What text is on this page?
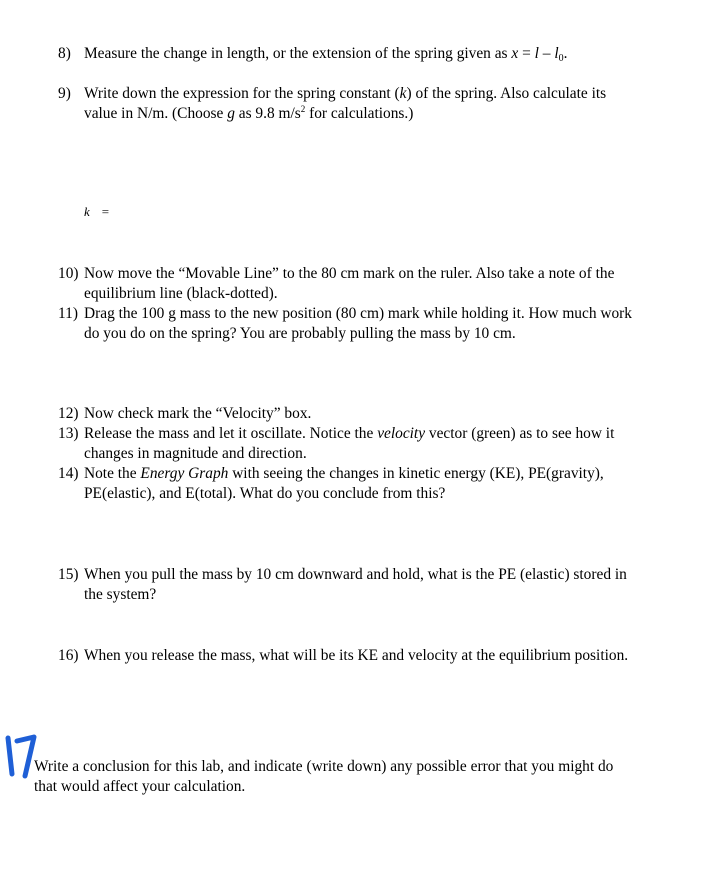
8) Measure the change in length, or the extension of the spring given as $x = l - l_0$.
9) Write down the expression for the spring constant (k) of the spring. Also calculate its
value in N/m. (Choose g as 9.8 $m/s^2$ for calculations.)
k =
10) Now move the “Movable Line” to the 80 cm mark on the ruler. Also take a note of the
equilibrium line (black-dotted).
11) Drag the 100 g mass to the new position (80 cm) mark while holding it. How much work
do you do on the spring? You are probably pulling the mass by 10 cm.
12) Now check mark the “Velocity” box.
13) Release the mass and let it oscillate. Notice the velocity vector (green) as to see how it
changes in magnitude and direction.
14) Note the Energy Graph with seeing the changes in kinetic energy (KE), PE(gravity),
PE(elastic), and E(total). What do you conclude from this?
15) When you pull the mass by 10 cm downward and hold, what is the PE (elastic) stored in
the system?
16) When you release the mass, what will be its KE and velocity at the equilibrium position.
Write a conclusion for this lab, and indicate (write down) any possible error that you might do
that would affect your calculation.
